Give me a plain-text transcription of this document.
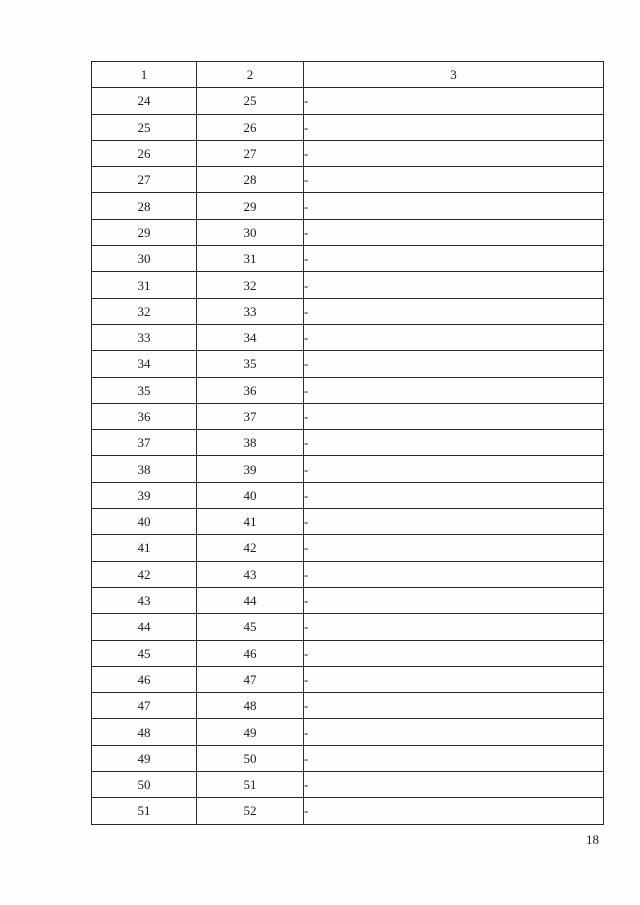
1	2	3
24	25	-
25	26	-
26	27	-
27	28	-
28	29	-
29	30	-
30	31	-
31	32	-
32	33	-
33	34	-
34	35	-
35	36	-
36	37	-
37	38	-
38	39	-
39	40	-
40	41	-
41	42	-
42	43	-
43	44	-
44	45	-
45	46	-
46	47	-
47	48	-
48	49	-
49	50	-
50	51	-
51	52	-
18
